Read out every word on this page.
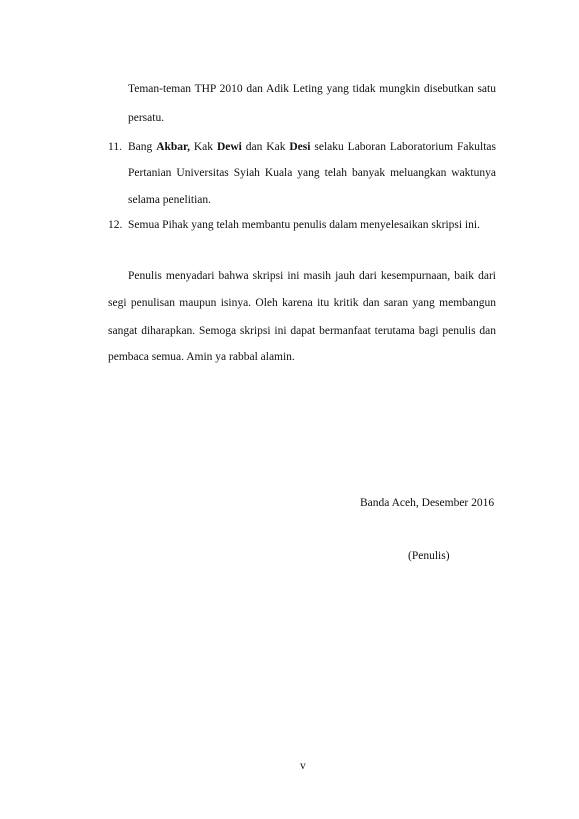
Teman-teman THP 2010 dan Adik Leting yang tidak mungkin disebutkan satu
persatu.
11. Bang Akbar, Kak Dewi dan Kak Desi selaku Laboran Laboratorium Fakultas
Pertanian Universitas Syiah Kuala yang telah banyak meluangkan waktunya
selama penelitian.
12. Semua Pihak yang telah membantu penulis dalam menyelesaikan skripsi ini.
Penulis menyadari bahwa skripsi ini masih jauh dari kesempurnaan, baik dari
segi penulisan maupun isinya. Oleh karena itu kritik dan saran yang membangun
sangat diharapkan. Semoga skripsi ini dapat bermanfaat terutama bagi penulis dan
pembaca semua. Amin ya rabbal alamin.
Banda Aceh, Desember 2016
(Penulis)
v
